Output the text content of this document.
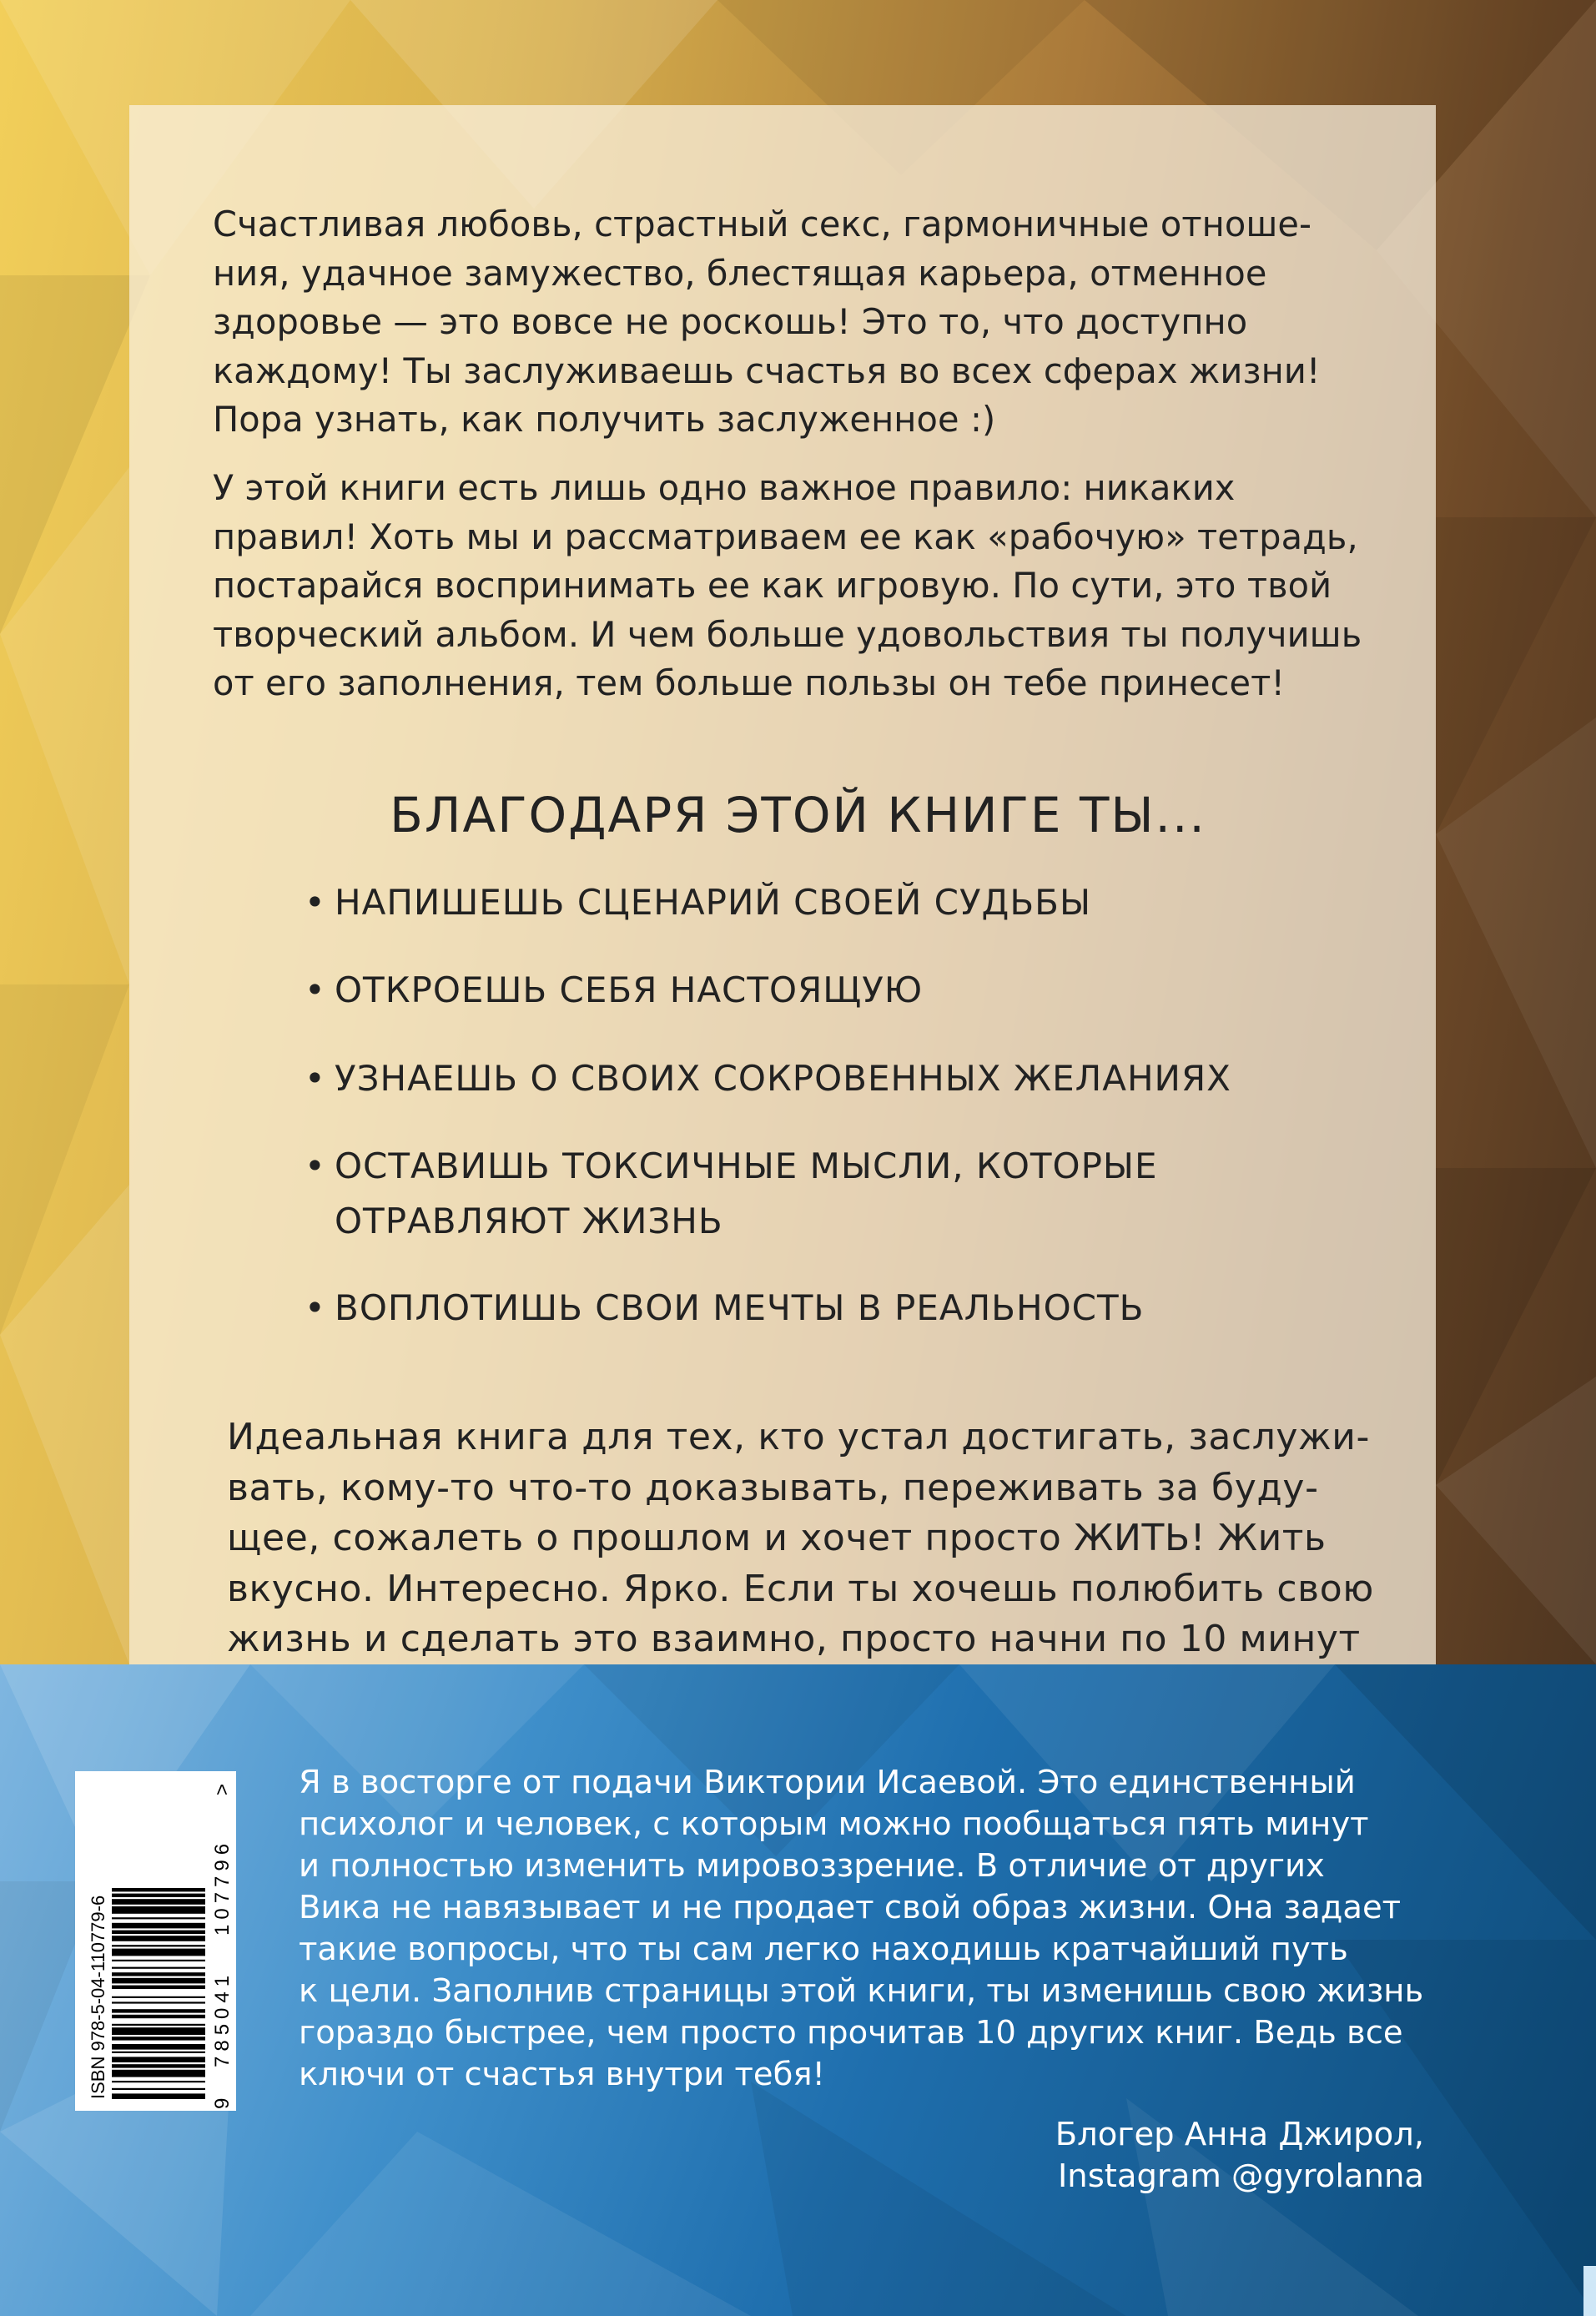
Счастливая любовь, страстный секс, гармоничные отноше-
ния, удачное замужество, блестящая карьера, отменное
здоровье — это вовсе не роскошь! Это то, что доступно
каждому! Ты заслуживаешь счастья во всех сферах жизни!
Пора узнать, как получить заслуженное :)
У этой книги есть лишь одно важное правило: никаких
правил! Хоть мы и рассматриваем ее как «рабочую» тетрадь,
постарайся воспринимать ее как игровую. По сути, это твой
творческий альбом. И чем больше удовольствия ты получишь
от его заполнения, тем больше пользы он тебе принесет!
БЛАГОДАРЯ ЭТОЙ КНИГЕ ТЫ...
• НАПИШЕШЬ СЦЕНАРИЙ СВОЕЙ СУДЬБЫ
• ОТКРОЕШЬ СЕБЯ НАСТОЯЩУЮ
• УЗНАЕШЬ О СВОИХ СОКРОВЕННЫХ ЖЕЛАНИЯХ
• ОСТАВИШЬ ТОКСИЧНЫЕ МЫСЛИ, КОТОРЫЕ
ОТРАВЛЯЮТ ЖИЗНЬ
• ВОПЛОТИШЬ СВОИ МЕЧТЫ В РЕАЛЬНОСТЬ
Идеальная книга для тех, кто устал достигать, заслужи-
вать, кому-то что-то доказывать, переживать за буду-
щее, сожалеть о прошлом и хочет просто ЖИТЬ! Жить
вкусно. Интересно. Ярко. Если ты хочешь полюбить свою
жизнь и сделать это взаимно, просто начни по 10 минут
Я в восторге от подачи Виктории Исаевой. Это единственный
психолог и человек, с которым можно пообщаться пять минут
и полностью изменить мировоззрение. В отличие от других
Вика не навязывает и не продает свой образ жизни. Она задает
такие вопросы, что ты сам легко находишь кратчайший путь
к цели. Заполнив страницы этой книги, ты изменишь свою жизнь
гораздо быстрее, чем просто прочитав 10 других книг. Ведь все
ключи от счастья внутри тебя!
Блогер Анна Джирол,
Instagram @gyrolanna
ISBN 978-5-04-110779-6
9
785041
107796
>
